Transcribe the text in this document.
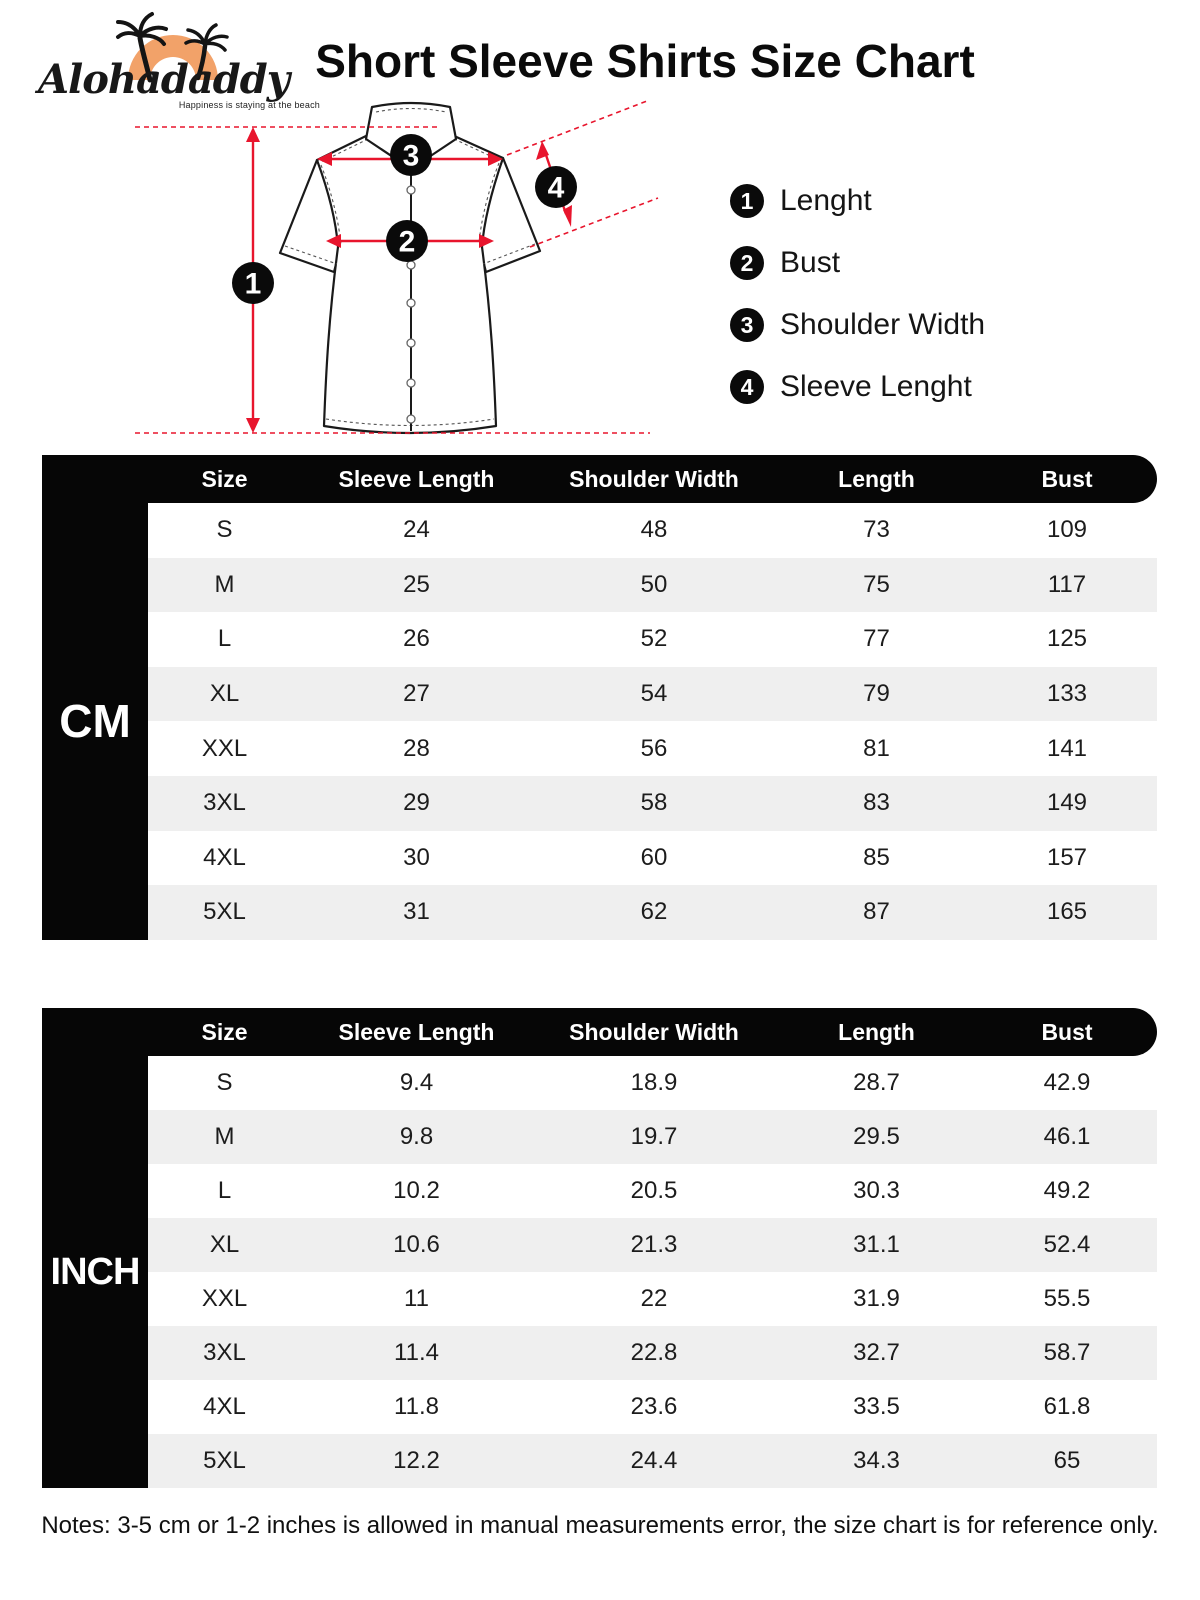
Alohadaddy
Happiness is staying at the beach
Short Sleeve Shirts Size Chart
1
2
3
4	1 Lenght
2 Bust
3 Shoulder Width
4 Sleeve Lenght
Size	Sleeve Length	Shoulder Width	Length	Bust
CM
S	24	48	73	109
M	25	50	75	117
L	26	52	77	125
XL	27	54	79	133
XXL	28	56	81	141
3XL	29	58	83	149
4XL	30	60	85	157
5XL	31	62	87	165
Size	Sleeve Length	Shoulder Width	Length	Bust
INCH
S	9.4	18.9	28.7	42.9
M	9.8	19.7	29.5	46.1
L	10.2	20.5	30.3	49.2
XL	10.6	21.3	31.1	52.4
XXL	11	22	31.9	55.5
3XL	11.4	22.8	32.7	58.7
4XL	11.8	23.6	33.5	61.8
5XL	12.2	24.4	34.3	65
Notes: 3-5 cm or 1-2 inches is allowed in manual measurements error, the size chart is for reference only.
